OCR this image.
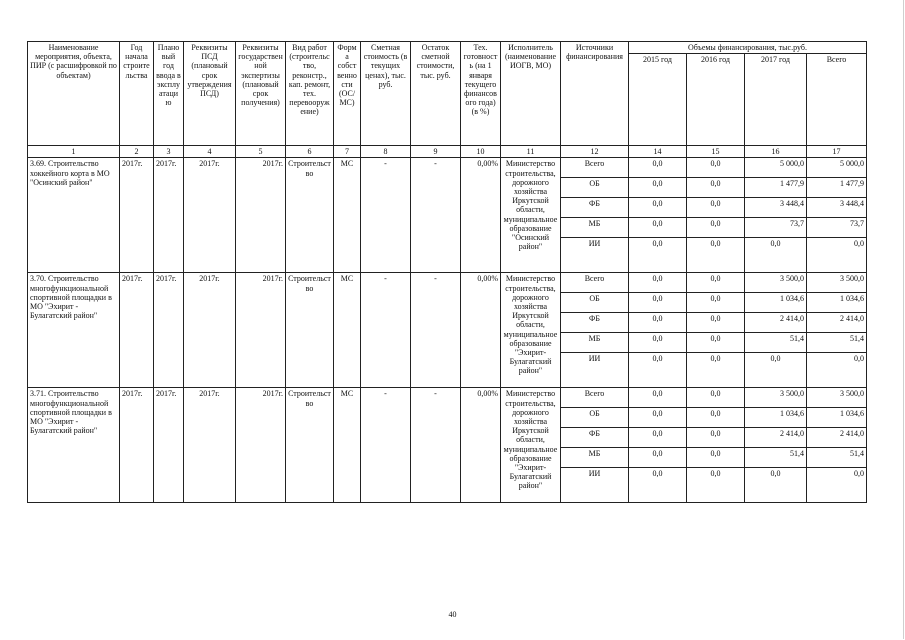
Наименование мероприятия, объекта, ПИР (с расшифровкой по объектам)	Год начала строительства	Плановый год ввода в эксплуатацию	Реквизиты ПСД (плановый срок утверждения ПСД)	Реквизиты государственной экспертизы (плановый срок получения)	Вид работ (строительство, реконстр., кап. ремонт, тех. перевооружение)	Форма собственности (ОС/МС)	Сметная стоимость (в текущих ценах), тыс. руб.	Остаток сметной стоимости, тыс. руб.	Тех. готовность (на 1 января текущего финансового года) (в %)	Исполнитель (наименование ИОГВ, МО)	Источники финансирования	Объемы финансирования, тыс.руб.			
												2015 год	2016 год	2017 год	Всего
1	2	3	4	5	6	7	8	9	10	11	12	14	15	16	17
3.69. Строительство хоккейного корта в МО "Осинский район"	2017г.	2017г.	2017г.	2017г.	Строительство	МС	-	-	0,00%	Министерство строительства, дорожного хозяйства Иркутской области, муниципальное образование "Осинский район"	Всего	0,0	0,0	5 000,0	5 000,0
											ОБ	0,0	0,0	1 477,9	1 477,9
											ФБ	0,0	0,0	3 448,4	3 448,4
											МБ	0,0	0,0	73,7	73,7
											ИИ	0,0	0,0	0,0	0,0
3.70. Строительство многофункциональной спортивной площадки в МО "Эхирит - Булагатский район"	2017г.	2017г.	2017г.	2017г.	Строительство	МС	-	-	0,00%	Министерство строительства, дорожного хозяйства Иркутской области, муниципальное образование "Эхирит-Булагатский район"	Всего	0,0	0,0	3 500,0	3 500,0
											ОБ	0,0	0,0	1 034,6	1 034,6
											ФБ	0,0	0,0	2 414,0	2 414,0
											МБ	0,0	0,0	51,4	51,4
											ИИ	0,0	0,0	0,0	0,0
3.71. Строительство многофункциональной спортивной площадки в МО "Эхирит - Булагатский район"	2017г.	2017г.	2017г.	2017г.	Строительство	МС	-	-	0,00%	Министерство строительства, дорожного хозяйства Иркутской области, муниципальное образование "Эхирит-Булагатский район"	Всего	0,0	0,0	3 500,0	3 500,0
											ОБ	0,0	0,0	1 034,6	1 034,6
											ФБ	0,0	0,0	2 414,0	2 414,0
											МБ	0,0	0,0	51,4	51,4
											ИИ	0,0	0,0	0,0	0,0
40
